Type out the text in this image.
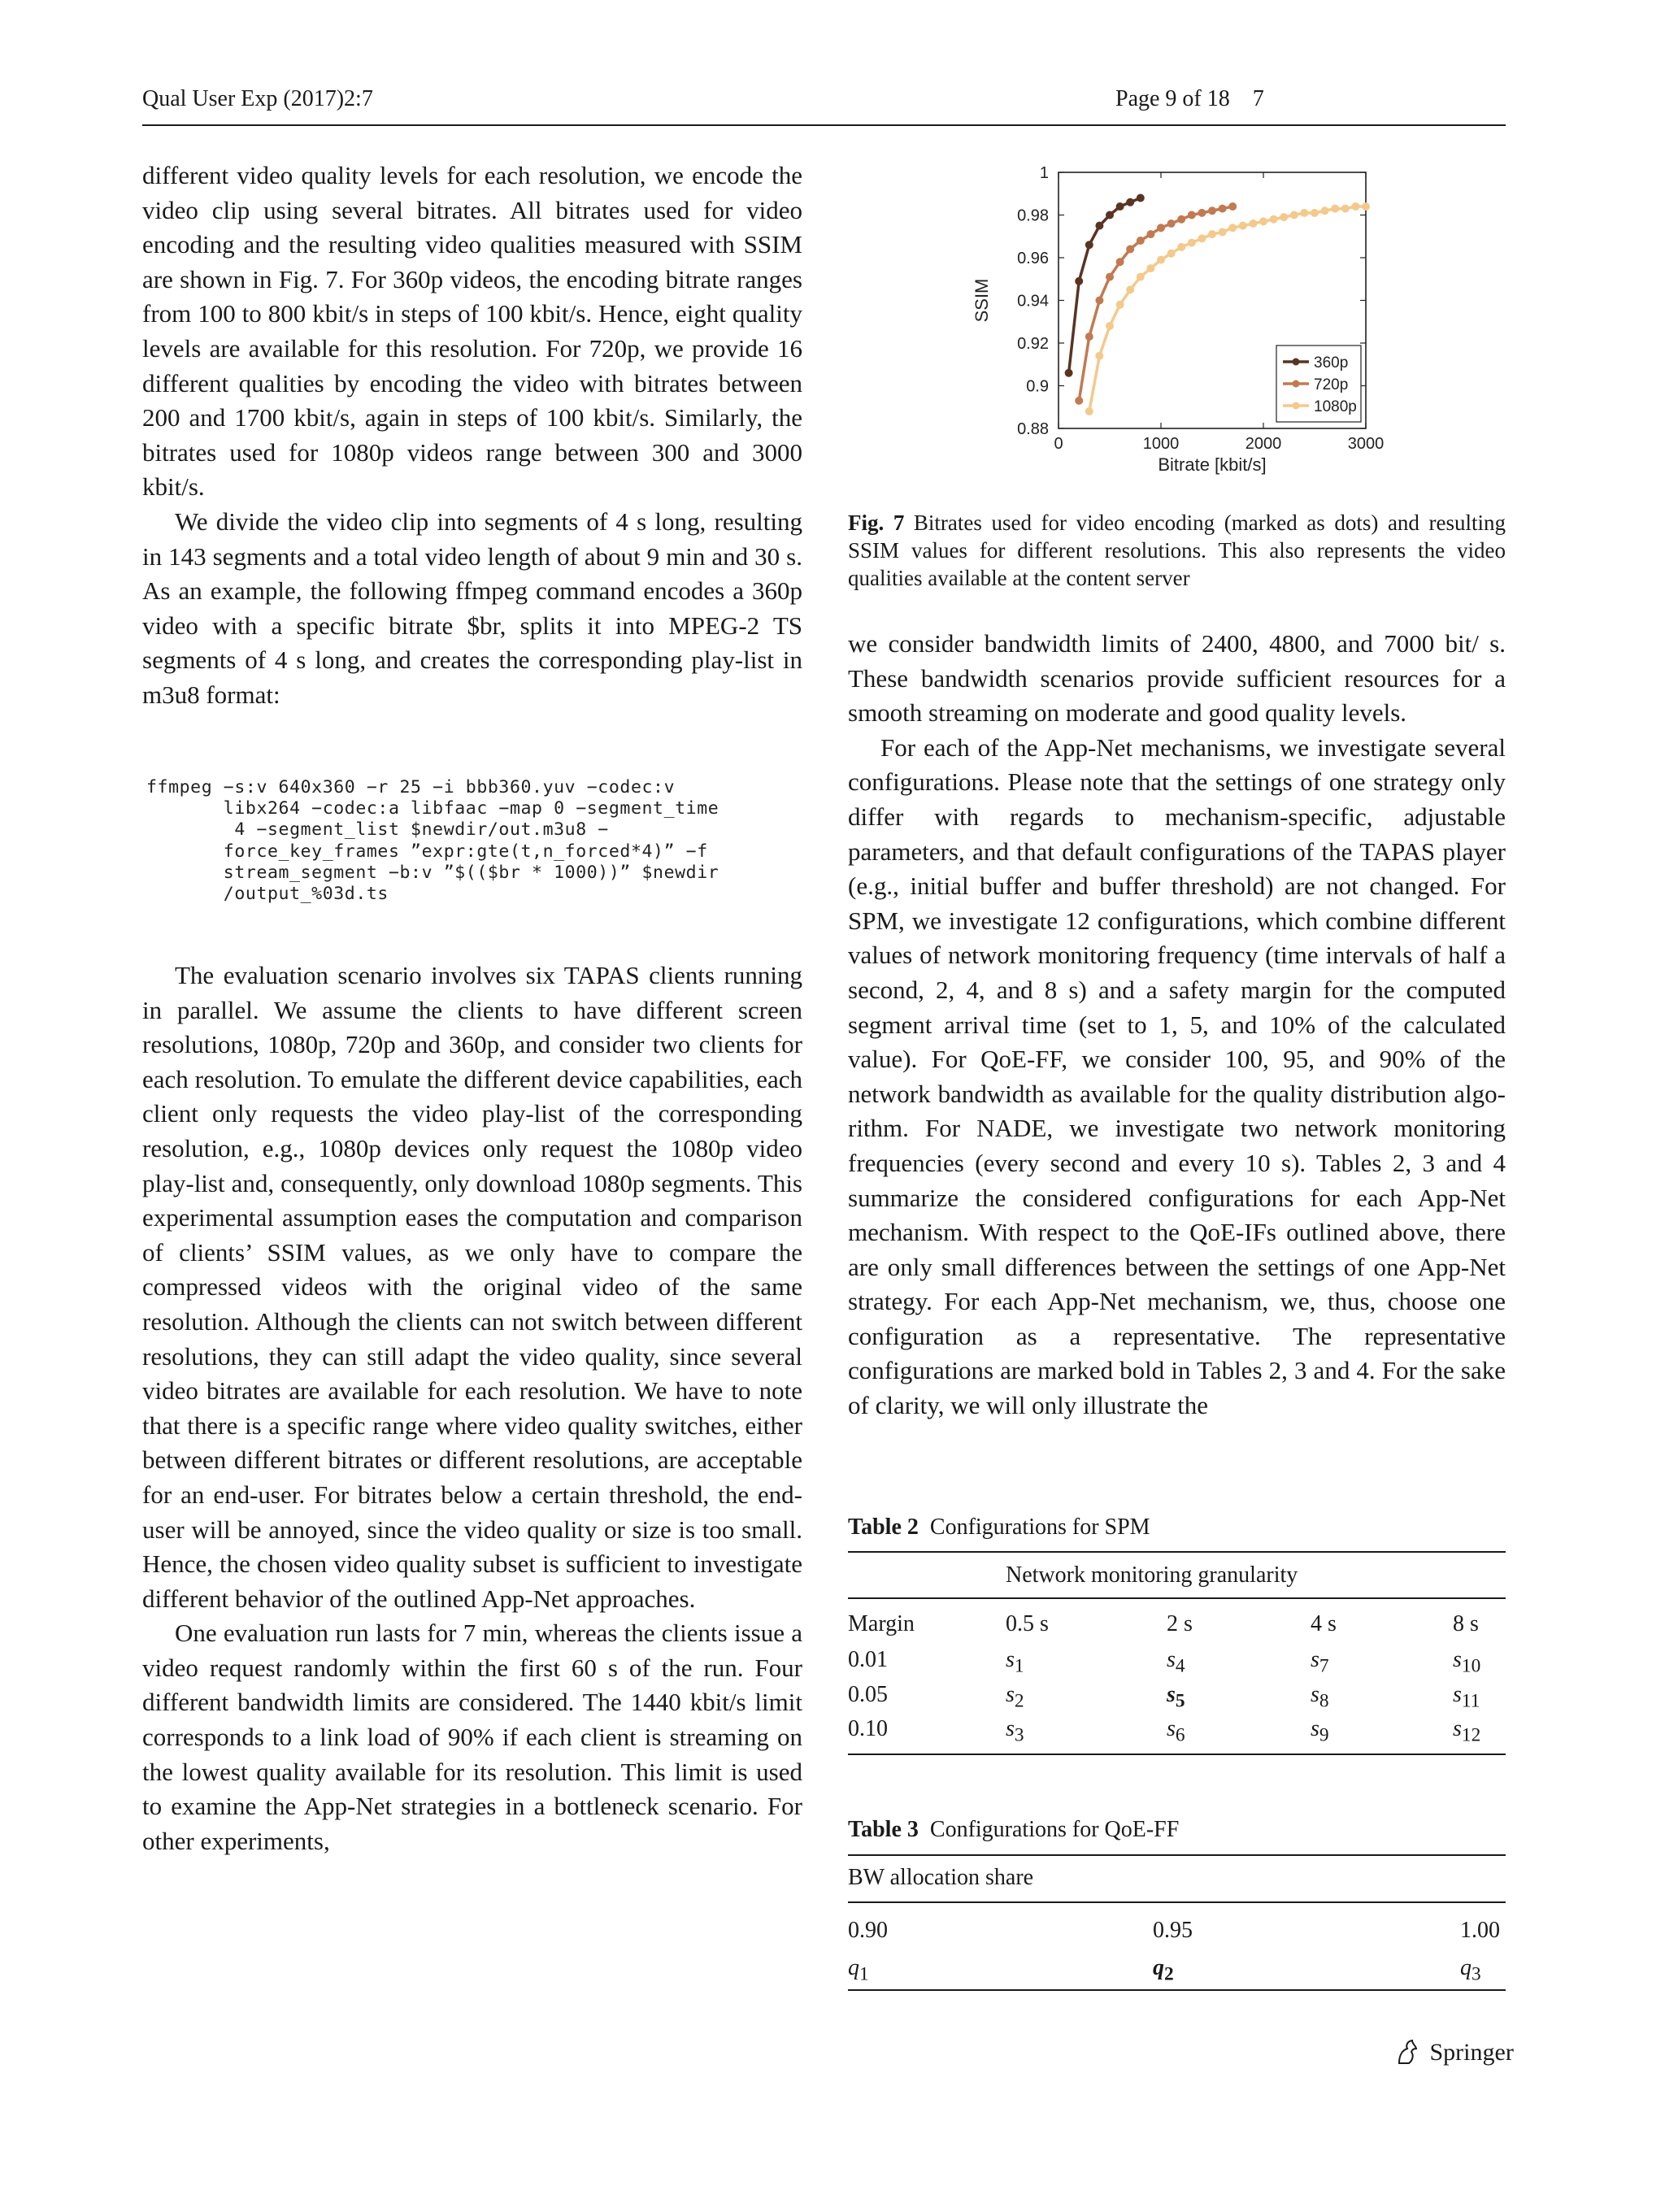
Qual User Exp (2017)2:7	Page 9 of 18    7

different video quality levels for each resolution, we encode the video clip using several bitrates. All bitrates used for video encoding and the resulting video qualities measured with SSIM are shown in Fig. 7. For 360p videos, the encoding bitrate ranges from 100 to 800 kbit/s in steps of 100 kbit/s. Hence, eight quality levels are available for this resolution. For 720p, we provide 16 different qualities by encoding the video with bitrates between 200 and 1700 kbit/s, again in steps of 100 kbit/s. Similarly, the bitrates used for 1080p videos range between 300 and 3000 kbit/s.

We divide the video clip into segments of 4 s long, resulting in 143 segments and a total video length of about 9 min and 30 s. As an example, the following ffmpeg command encodes a 360p video with a specific bitrate $br, splits it into MPEG-2 TS segments of 4 s long, and creates the corresponding play-list in m3u8 format:

ffmpeg −s:v 640x360 −r 25 −i bbb360.yuv −codec:v
libx264 −codec:a libfaac −map 0 −segment_time
4 −segment_list $newdir/out.m3u8 −
force_key_frames ”expr:gte(t,n_forced*4)” −f
stream_segment −b:v ”$(($br * 1000))” $newdir
/output_%03d.ts

The evaluation scenario involves six TAPAS clients running in parallel. We assume the clients to have different screen resolutions, 1080p, 720p and 360p, and consider two clients for each resolution. To emulate the different device capabilities, each client only requests the video play-list of the corresponding resolution, e.g., 1080p devices only request the 1080p video play-list and, consequently, only download 1080p segments. This experimental assumption eases the computation and comparison of clients’ SSIM values, as we only have to compare the compressed videos with the original video of the same resolution. Although the clients can not switch between different resolutions, they can still adapt the video quality, since several video bitrates are available for each resolution. We have to note that there is a specific range where video quality switches, either between different bitrates or different resolutions, are acceptable for an end-user. For bitrates below a certain threshold, the end-user will be annoyed, since the video quality or size is too small. Hence, the chosen video quality subset is sufficient to investigate different behavior of the outlined App-Net approaches.

One evaluation run lasts for 7 min, whereas the clients issue a video request randomly within the first 60 s of the run. Four different bandwidth limits are considered. The 1440 kbit/s limit corresponds to a link load of 90% if each client is streaming on the lowest quality available for its resolution. This limit is used to examine the App-Net strategies in a bottleneck scenario. For other experiments,

0.88
0.9
0.92
0.94
0.96
0.98
1
0	1000	2000	3000
Bitrate [kbit/s]
SSIM
360p
720p
1080p
Fig. 7 Bitrates used for video encoding (marked as dots) and resulting SSIM values for different resolutions. This also represents the video qualities available at the content server

we consider bandwidth limits of 2400, 4800, and 7000 bit/ s. These bandwidth scenarios provide sufficient resources for a smooth streaming on moderate and good quality levels.

For each of the App-Net mechanisms, we investigate several configurations. Please note that the settings of one strategy only differ with regards to mechanism-specific, adjustable parameters, and that default configurations of the TAPAS player (e.g., initial buffer and buffer threshold) are not changed. For SPM, we investigate 12 configurations, which combine different values of network monitoring frequency (time intervals of half a second, 2, 4, and 8 s) and a safety margin for the computed segment arrival time (set to 1, 5, and 10% of the calculated value). For QoE-FF, we consider 100, 95, and 90% of the network bandwidth as available for the quality distribution algorithm. For NADE, we investigate two network monitoring frequencies (every second and every 10 s). Tables 2, 3 and 4 summarize the considered configurations for each App-Net mechanism. With respect to the QoE-IFs outlined above, there are only small differences between the settings of one App-Net strategy. For each App-Net mechanism, we, thus, choose one configuration as a representative. The representative configurations are marked bold in Tables 2, 3 and 4. For the sake of clarity, we will only illustrate the

Table 2 Configurations for SPM
Network monitoring granularity
Margin	0.5 s	2 s	4 s	8 s
0.01	$s_1$	$s_4$	$s_7$	$s_{10}$
0.05	$s_2$	$s_5$	$s_8$	$s_{11}$
0.10	$s_3$	$s_6$	$s_9$	$s_{12}$
Table 3 Configurations for QoE-FF
BW allocation share
0.90	0.95	1.00
$q_1$	$q_2$	$q_3$
Springer
